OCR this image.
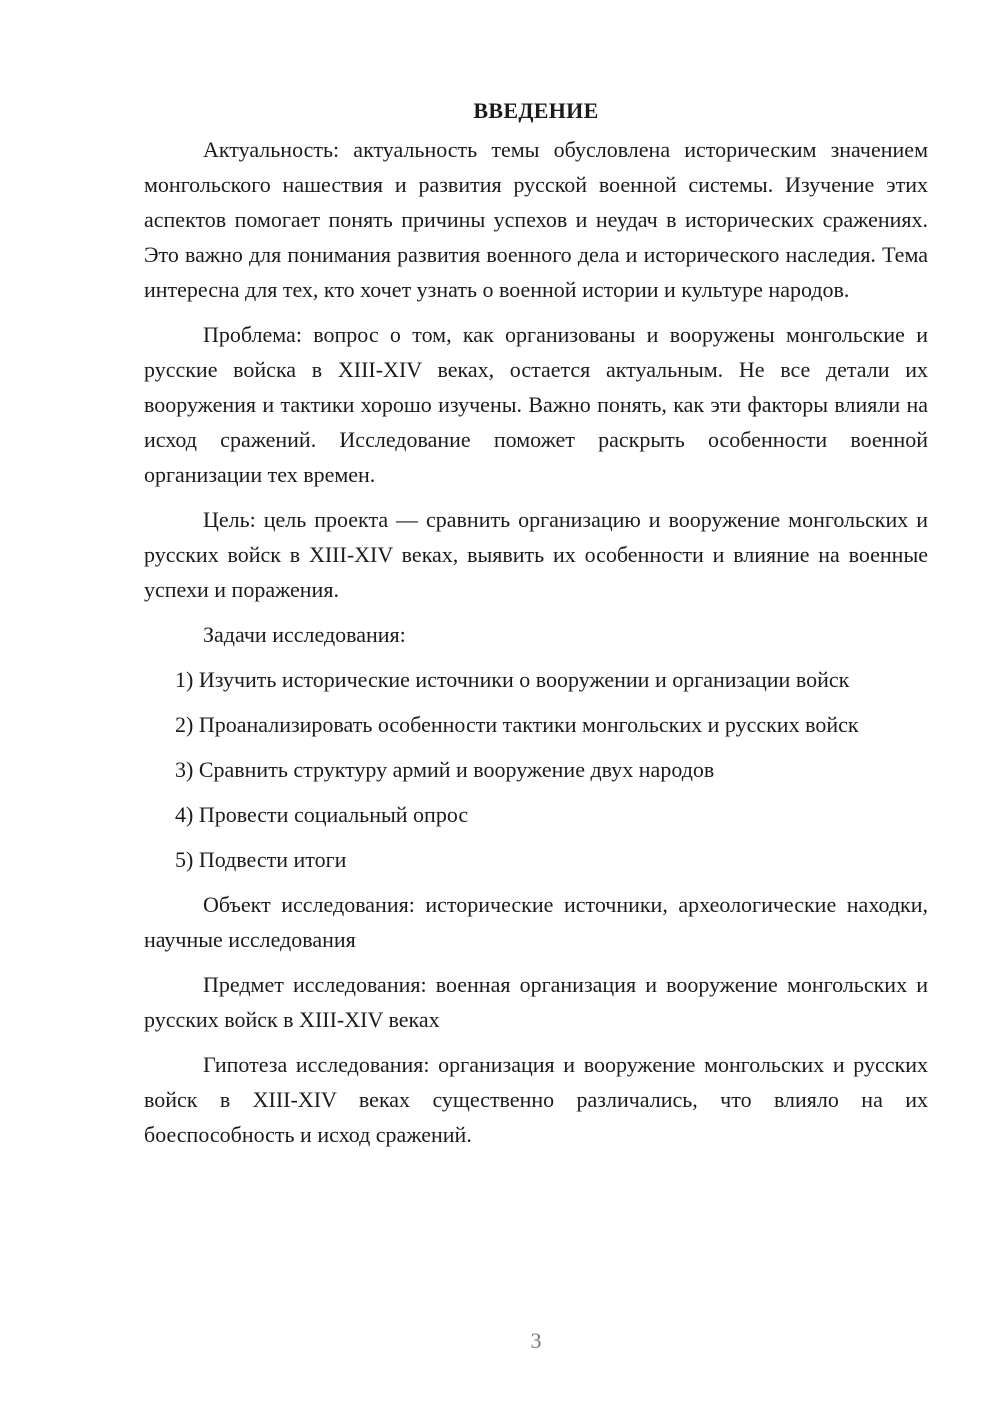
ВВЕДЕНИЕ

Актуальность: актуальность темы обусловлена историческим значением монгольского нашествия и развития русской военной системы. Изучение этих аспектов помогает понять причины успехов и неудач в исторических сражениях. Это важно для понимания развития военного дела и исторического наследия. Тема интересна для тех, кто хочет узнать о военной истории и культуре народов.

Проблема: вопрос о том, как организованы и вооружены монгольские и русские войска в XIII-XIV веках, остается актуальным. Не все детали их вооружения и тактики хорошо изучены. Важно понять, как эти факторы влияли на исход сражений. Исследование поможет раскрыть особенности военной организации тех времен.

Цель: цель проекта — сравнить организацию и вооружение монгольских и русских войск в XIII-XIV веках, выявить их особенности и влияние на военные успехи и поражения.

Задачи исследования:

1) Изучить исторические источники о вооружении и организации войск

2) Проанализировать особенности тактики монгольских и русских войск

3) Сравнить структуру армий и вооружение двух народов

4) Провести социальный опрос

5) Подвести итоги

Объект исследования: исторические источники, археологические находки, научные исследования

Предмет исследования: военная организация и вооружение монгольских и русских войск в XIII-XIV веках

Гипотеза исследования: организация и вооружение монгольских и русских войск в XIII-XIV веках существенно различались, что влияло на их боеспособность и исход сражений.

3
